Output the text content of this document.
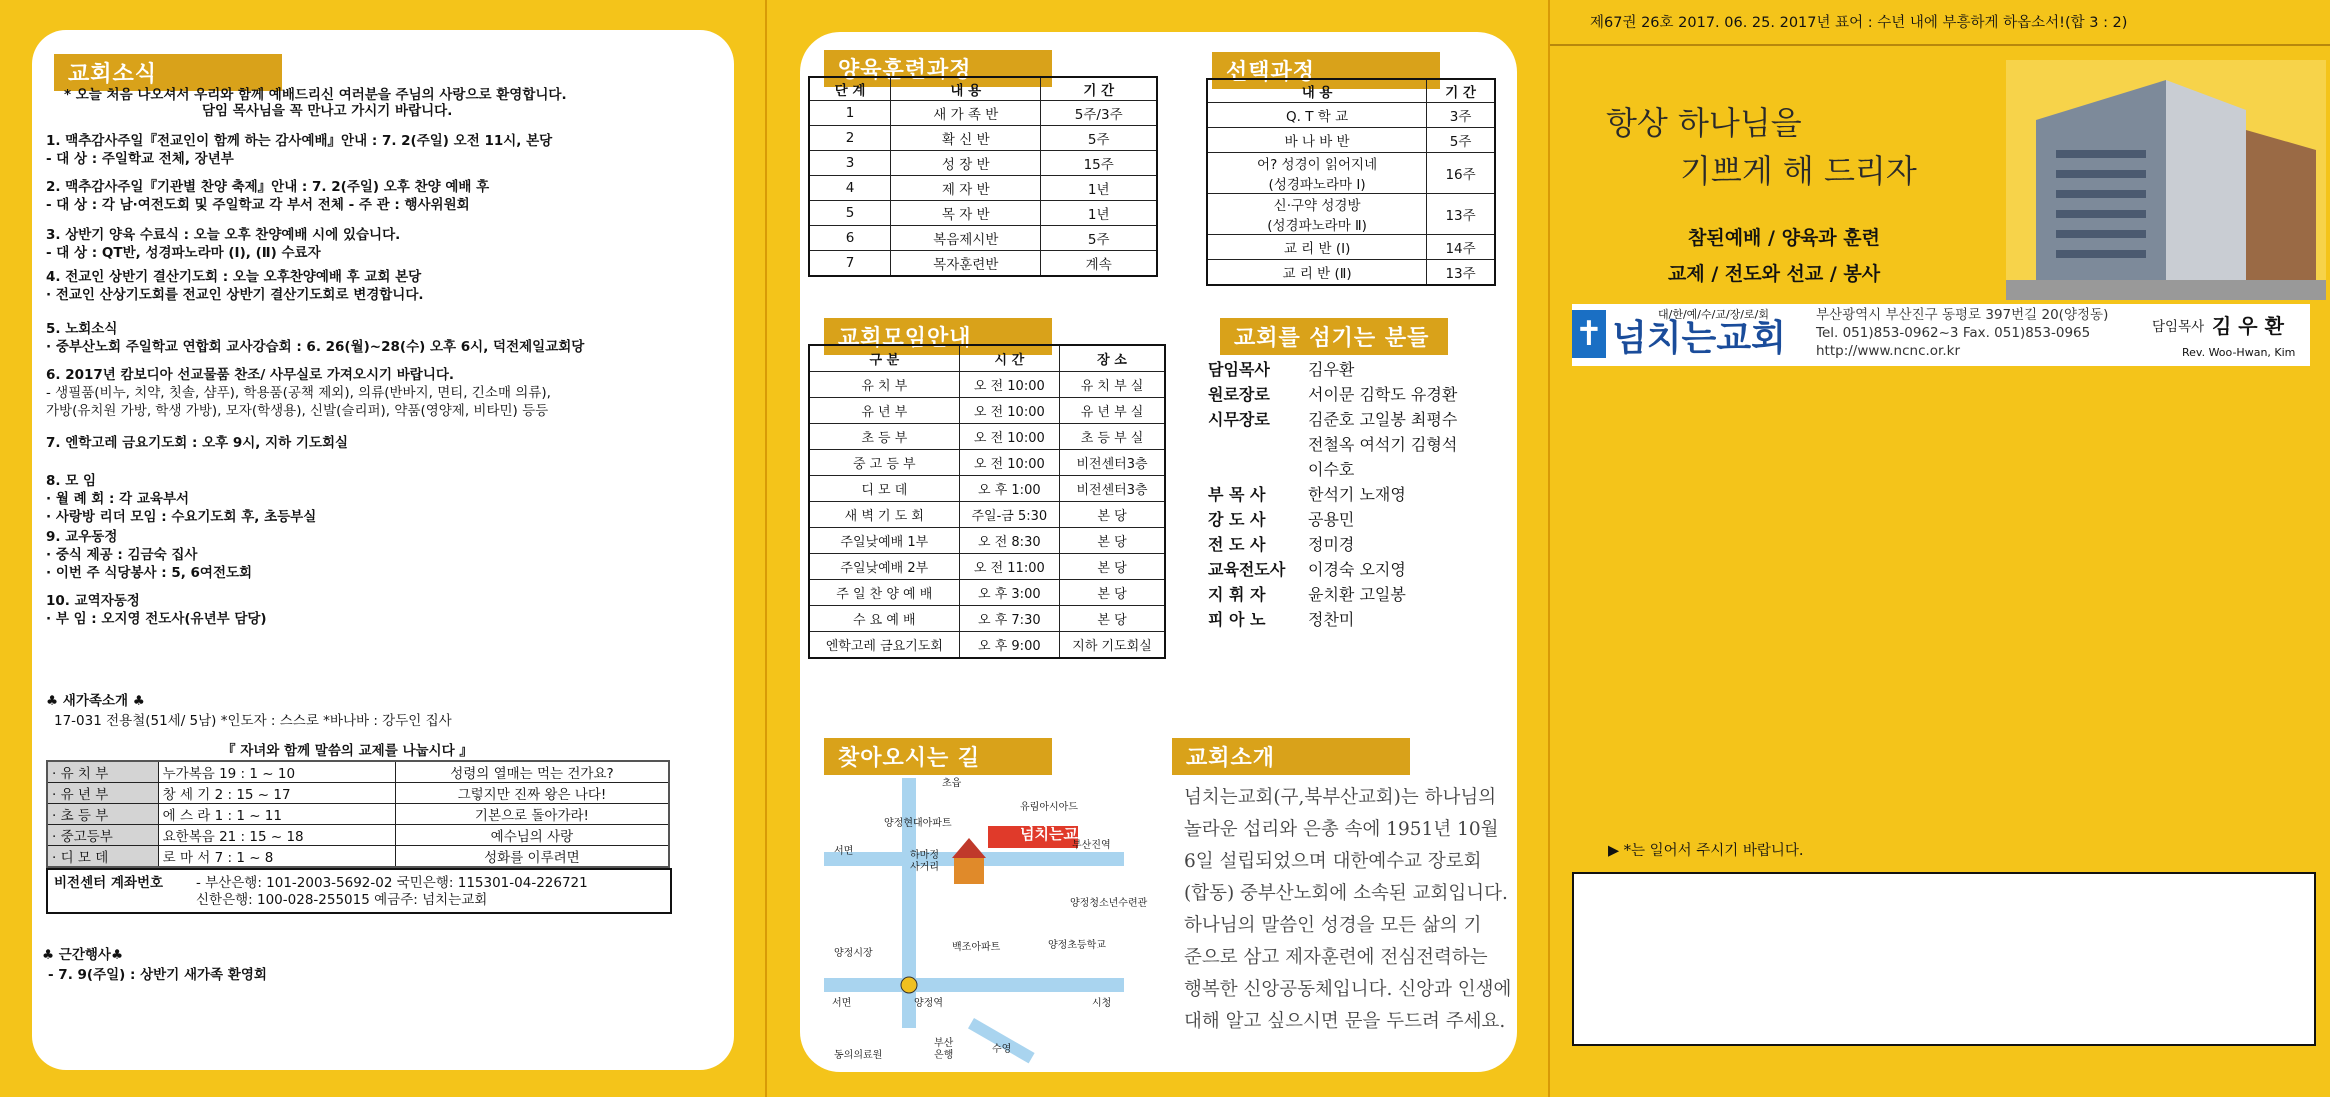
교회소식
* 오늘 처음 나오셔서 우리와 함께 예배드리신 여러분을 주님의 사랑으로 환영합니다.
담임 목사님을 꼭 만나고 가시기 바랍니다.
1. 맥추감사주일『전교인이 함께 하는 감사예배』안내 : 7. 2(주일) 오전 11시, 본당
- 대 상 : 주일학교 전체, 장년부
2. 맥추감사주일『기관별 찬양 축제』안내 : 7. 2(주일) 오후 찬양 예배 후
- 대 상 : 각 남·여전도회 및 주일학교 각 부서 전체 - 주 관 : 행사위원회
3. 상반기 양육 수료식 : 오늘 오후 찬양예배 시에 있습니다.
- 대 상 : QT반, 성경파노라마 (Ⅰ), (Ⅱ) 수료자
4. 전교인 상반기 결산기도회 : 오늘 오후찬양예배 후 교회 본당
· 전교인 산상기도회를 전교인 상반기 결산기도회로 변경합니다.
5. 노회소식
· 중부산노회 주일학교 연합회 교사강습회 : 6. 26(월)~28(수) 오후 6시, 덕전제일교회당
6. 2017년 캄보디아 선교물품 찬조/ 사무실로 가져오시기 바랍니다.
- 생필품(비누, 치약, 칫솔, 샴푸), 학용품(공책 제외), 의류(반바지, 면티, 긴소매 의류),
가방(유치원 가방, 학생 가방), 모자(학생용), 신발(슬리퍼), 약품(영양제, 비타민) 등등
7. 엔학고레 금요기도회 : 오후 9시, 지하 기도회실
8. 모 임
· 월 례 회 : 각 교육부서
· 사랑방 리더 모임 : 수요기도회 후, 초등부실
9. 교우동정
· 중식 제공 : 김금숙 집사
· 이번 주 식당봉사 : 5, 6여전도회
10. 교역자동정
· 부 임 : 오지영 전도사(유년부 담당)
♣ 새가족소개 ♣
17-031 전용철(51세/ 5남) *인도자 : 스스로 *바나바 : 강두인 집사
『 자녀와 함께 말씀의 교제를 나눕시다 』
· 유 치 부	누가복음 19 : 1 ~ 10	성령의 열매는 먹는 건가요?
· 유 년 부	창 세 기 2 : 15 ~ 17	그렇지만 진짜 왕은 나다!
· 초 등 부	에 스 라 1 : 1 ~ 11	기본으로 돌아가라!
· 중고등부	요한복음 21 : 15 ~ 18	예수님의 사랑
· 디 모 데	로 마 서 7 : 1 ~ 8	성화를 이루려면
비전센터 계좌번호 - 부산은행: 101-2003-5692-02 국민은행: 115301-04-226721
신한은행: 100-028-255015 예금주: 넘치는교회
♣ 근간행사♣
- 7. 9(주일) : 상반기 새가족 환영회
양육훈련과정
단 계	내 용	기 간
1	새 가 족 반	5주/3주
2	확 신 반	5주
3	성 장 반	15주
4	제 자 반	1년
5	목 자 반	1년
6	복음제시반	5주
7	목자훈련반	계속
선택과정
내 용	기 간
Q. T 학 교	3주
바 나 바 반	5주
어? 성경이 읽어지네
(성경파노라마 Ⅰ)	16주
신·구약 성경방
(성경파노라마 Ⅱ)	13주
교 리 반 (Ⅰ)	14주
교 리 반 (Ⅱ)	13주
교회모임안내
구 분	시 간	장 소
유 치 부	오 전 10:00	유 치 부 실
유 년 부	오 전 10:00	유 년 부 실
초 등 부	오 전 10:00	초 등 부 실
중 고 등 부	오 전 10:00	비전센터3층
디 모 데	오 후 1:00	비전센터3층
새 벽 기 도 회	주일-금 5:30	본 당
주일낮예배 1부	오 전 8:30	본 당
주일낮예배 2부	오 전 11:00	본 당
주 일 찬 양 예 배	오 후 3:00	본 당
수 요 예 배	오 후 7:30	본 당
엔학고레 금요기도회	오 후 9:00	지하 기도회실
교회를 섬기는 분들
담임목사 김우환
원로장로 서이문 김학도 유경환
시무장로 김준호 고일봉 최평수
전철옥 여석기 김형석
이수호
부 목 사	한석기 노재영
강 도 사	공용민
전 도 사	정미경
교육전도사 이경숙 오지영
지 휘 자	윤치환 고일봉
피 아 노	정찬미
찾아오시는 길
초읍
유림아시아드
서면	하마정
사거리
부산진역
넘치는교회
양정청소년수련관
양정시장
백조아파트	양정초등학교
서면	양정역	시청
동의의료원
부산
은행
수영
양정현대아파트
교회소개
넘치는교회(구,북부산교회)는 하나님의
놀라운 섭리와 은총 속에 1951년 10월
6일 설립되었으며 대한예수교 장로회
(합동) 중부산노회에 소속된 교회입니다.
하나님의 말씀인 성경을 모든 삶의 기
준으로 삼고 제자훈련에 전심전력하는
행복한 신앙공동체입니다. 신앙과 인생에
대해 알고 싶으시면 문을 두드려 주세요.
제67권 26호 2017. 06. 25. 2017년 표어 : 수년 내에 부흥하게 하옵소서!(합 3 : 2)
항상 하나님을
기쁘게 해 드리자
참된예배 / 양육과 훈련
교제 / 전도와 선교 / 봉사
✝	대/한/예/수/교/장/로/회
넘치는교회
부산광역시 부산진구 동평로 397번길 20(양정동)
Tel. 051)853-0962~3 Fax. 051)853-0965
http://www.ncnc.or.kr
담임목사 김 우 환
Rev. Woo-Hwan, Kim
▶ *는 일어서 주시기 바랍니다.
